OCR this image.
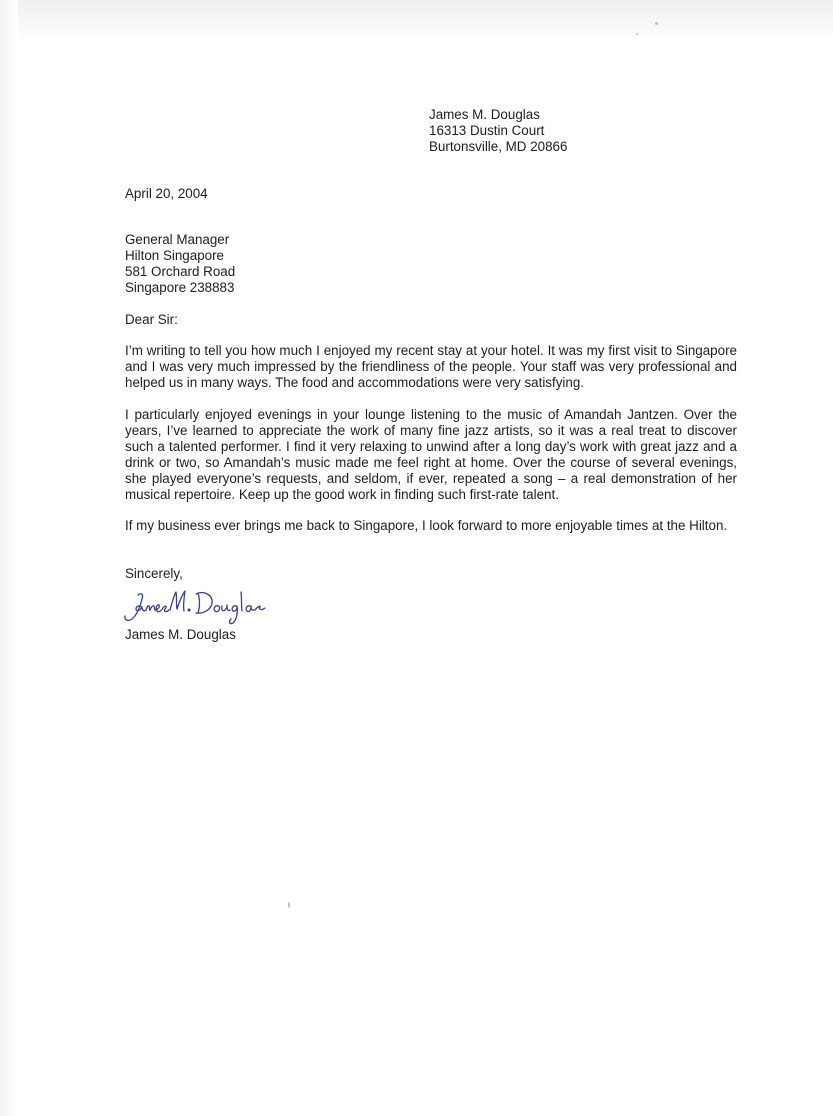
James M. Douglas
16313 Dustin Court
Burtonsville, MD 20866
April 20, 2004
General Manager
Hilton Singapore
581 Orchard Road
Singapore 238883
Dear Sir:
I’m writing to tell you how much I enjoyed my recent stay at your hotel. It was my first visit to Singapore and I was very much impressed by the friendliness of the people. Your staff was very professional and helped us in many ways. The food and accommodations were very satisfying.
I particularly enjoyed evenings in your lounge listening to the music of Amandah Jantzen. Over the years, I’ve learned to appreciate the work of many fine jazz artists, so it was a real treat to discover such a talented performer. I find it very relaxing to unwind after a long day’s work with great jazz and a drink or two, so Amandah’s music made me feel right at home. Over the course of several evenings, she played everyone’s requests, and seldom, if ever, repeated a song – a real demonstration of her musical repertoire. Keep up the good work in finding such first-rate talent.
If my business ever brings me back to Singapore, I look forward to more enjoyable times at the Hilton.
Sincerely,
James M. Douglas
